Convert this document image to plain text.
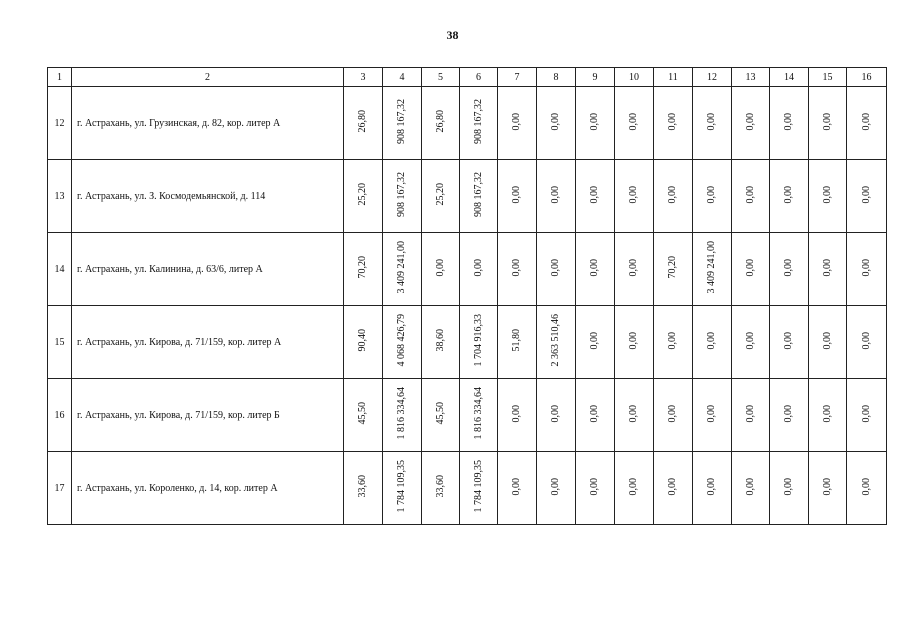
38
1	2	3	4	5	6	7	8	9	10	11	12	13	14	15	16
12	г. Астрахань, ул. Грузинская, д. 82, кор. литер А	26,80	908 167,32	26,80	908 167,32	0,00	0,00	0,00	0,00	0,00	0,00	0,00	0,00	0,00	0,00
13	г. Астрахань, ул. З. Космодемьянской, д. 114	25,20	908 167,32	25,20	908 167,32	0,00	0,00	0,00	0,00	0,00	0,00	0,00	0,00	0,00	0,00
14	г. Астрахань, ул. Калинина, д. 63/6, литер А	70,20	3 409 241,00	0,00	0,00	0,00	0,00	0,00	0,00	70,20	3 409 241,00	0,00	0,00	0,00	0,00
15	г. Астрахань, ул. Кирова, д. 71/159, кор. литер А	90,40	4 068 426,79	38,60	1 704 916,33	51,80	2 363 510,46	0,00	0,00	0,00	0,00	0,00	0,00	0,00	0,00
16	г. Астрахань, ул. Кирова, д. 71/159, кор. литер Б	45,50	1 816 334,64	45,50	1 816 334,64	0,00	0,00	0,00	0,00	0,00	0,00	0,00	0,00	0,00	0,00
17	г. Астрахань, ул. Короленко, д. 14, кор. литер А	33,60	1 784 109,35	33,60	1 784 109,35	0,00	0,00	0,00	0,00	0,00	0,00	0,00	0,00	0,00	0,00
